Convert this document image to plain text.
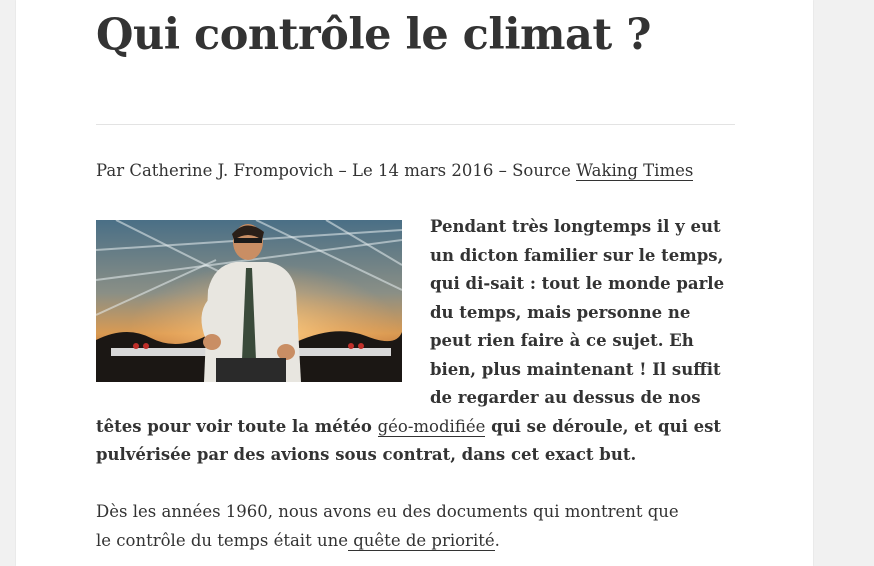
Qui contrôle le climat ?
Par Catherine J. Frompovich – Le 14 mars 2016 – Source Waking Times

Pendant très longtemps il y eut un dicton familier sur le temps, qui di-sait : tout le monde parle du temps, mais personne ne peut rien faire à ce sujet. Eh bien, plus maintenant ! Il suffit de regarder au dessus de nos têtes pour voir toute la météo géo-modifiée qui se déroule, et qui est pulvérisée par des avions sous contrat, dans cet exact but.

Dès les années 1960, nous avons eu des documents qui montrent que le contrôle du temps était une quête de priorité.
